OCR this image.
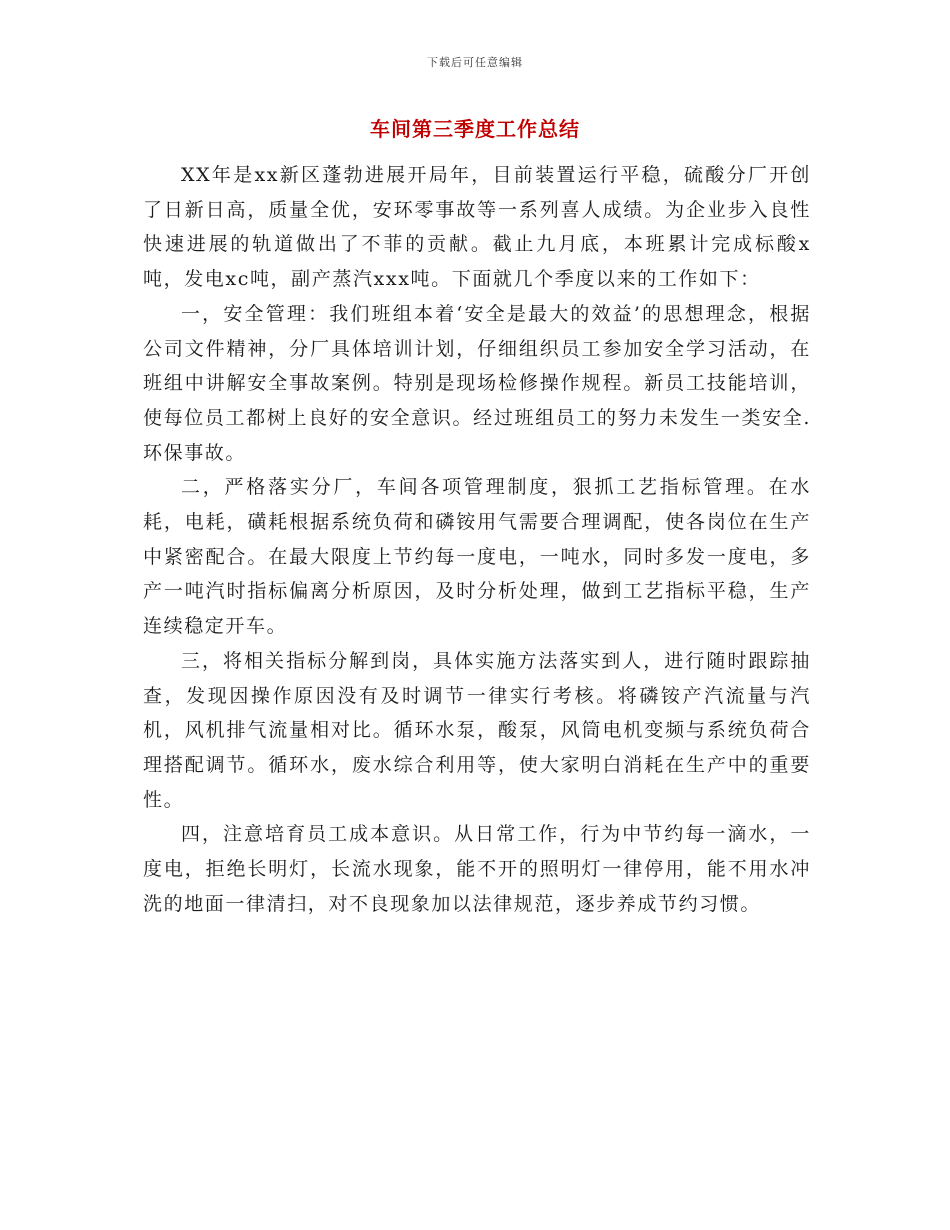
下载后可任意编辑
车间第三季度工作总结

XX年是xx新区蓬勃进展开局年，目前装置运行平稳，硫酸分厂开创了日新日高，质量全优，安环零事故等一系列喜人成绩。为企业步入良性快速进展的轨道做出了不菲的贡献。截止九月底，本班累计完成标酸x吨，发电xc吨，副产蒸汽xxx吨。下面就几个季度以来的工作如下：

一，安全管理：我们班组本着‘安全是最大的效益’的思想理念，根据公司文件精神，分厂具体培训计划，仔细组织员工参加安全学习活动，在班组中讲解安全事故案例。特别是现场检修操作规程。新员工技能培训，使每位员工都树上良好的安全意识。经过班组员工的努力未发生一类安全.环保事故。

二，严格落实分厂，车间各项管理制度，狠抓工艺指标管理。在水耗，电耗，磺耗根据系统负荷和磷铵用气需要合理调配，使各岗位在生产中紧密配合。在最大限度上节约每一度电，一吨水，同时多发一度电，多产一吨汽时指标偏离分析原因，及时分析处理，做到工艺指标平稳，生产连续稳定开车。

三，将相关指标分解到岗，具体实施方法落实到人，进行随时跟踪抽查，发现因操作原因没有及时调节一律实行考核。将磷铵产汽流量与汽机，风机排气流量相对比。循环水泵，酸泵，风筒电机变频与系统负荷合理搭配调节。循环水，废水综合利用等，使大家明白消耗在生产中的重要性。

四，注意培育员工成本意识。从日常工作，行为中节约每一滴水，一度电，拒绝长明灯，长流水现象，能不开的照明灯一律停用，能不用水冲洗的地面一律清扫，对不良现象加以法律规范，逐步养成节约习惯。
